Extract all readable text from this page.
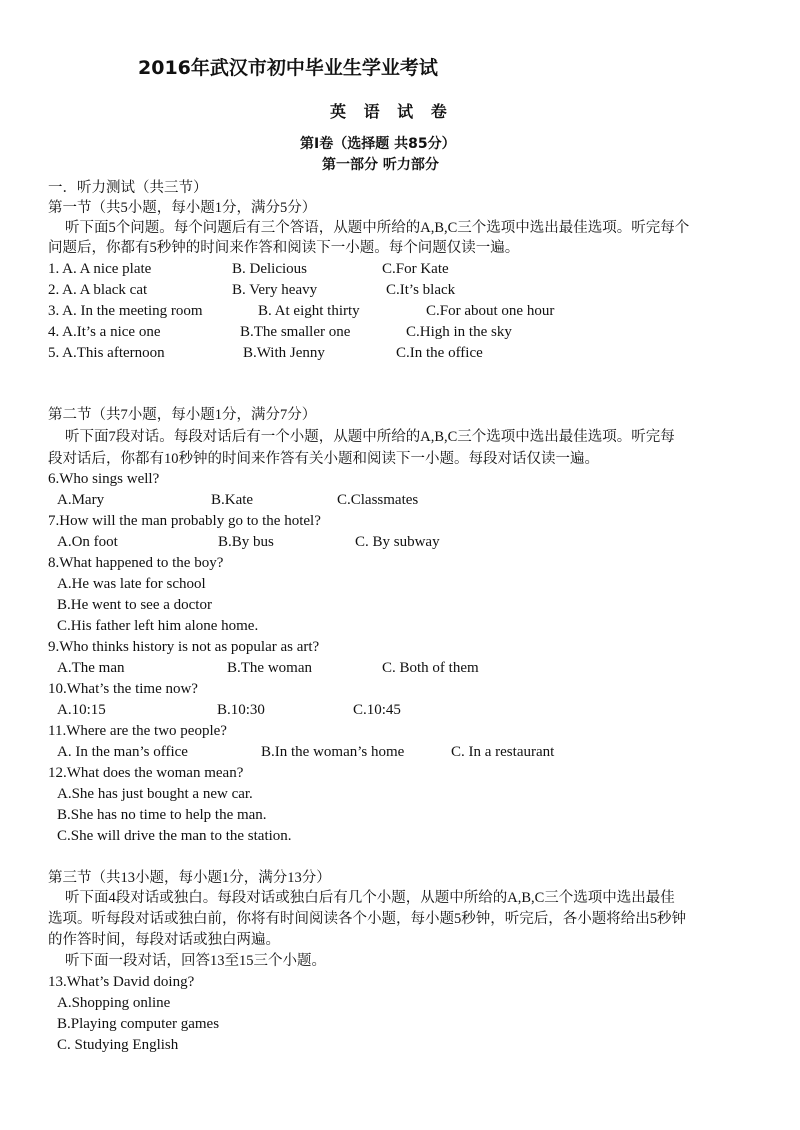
2016年武汉市初中毕业生学业考试
英 语 试 卷
第Ⅰ卷（选择题 共85分）
第一部分 听力部分
一．听力测试（共三节）
第一节（共5小题，每小题1分，满分5分）
听下面5个问题。每个问题后有三个答语，从题中所给的A,B,C三个选项中选出最佳选项。听完每个
问题后，你都有5秒钟的时间来作答和阅读下一小题。每个问题仅读一遍。
1. A. A nice plate	B. Delicious	C.For Kate
2. A. A black cat	B. Very heavy	C.It’s black
3. A. In the meeting room	B. At eight thirty	C.For about one hour
4. A.It’s a nice one	B.The smaller one	C.High in the sky
5. A.This afternoon	B.With Jenny	C.In the office
第二节（共7小题，每小题1分，满分7分）
听下面7段对话。每段对话后有一个小题，从题中所给的A,B,C三个选项中选出最佳选项。听完每
段对话后，你都有10秒钟的时间来作答有关小题和阅读下一小题。每段对话仅读一遍。
6.Who sings well?
A.Mary	B.Kate	C.Classmates
7.How will the man probably go to the hotel?
A.On foot	B.By bus	C. By subway
8.What happened to the boy?
A.He was late for school
B.He went to see a doctor
C.His father left him alone home.
9.Who thinks history is not as popular as art?
A.The man	B.The woman	C. Both of them
10.What’s the time now?
A.10:15	B.10:30	C.10:45
11.Where are the two people?
A. In the man’s office	B.In the woman’s home	C. In a restaurant
12.What does the woman mean?
A.She has just bought a new car.
B.She has no time to help the man.
C.She will drive the man to the station.
第三节（共13小题，每小题1分，满分13分）
听下面4段对话或独白。每段对话或独白后有几个小题，从题中所给的A,B,C三个选项中选出最佳
选项。听每段对话或独白前，你将有时间阅读各个小题，每小题5秒钟，听完后，各小题将给出5秒钟
的作答时间，每段对话或独白两遍。
听下面一段对话，回答13至15三个小题。
13.What’s David doing?
A.Shopping online
B.Playing computer games
C. Studying English
